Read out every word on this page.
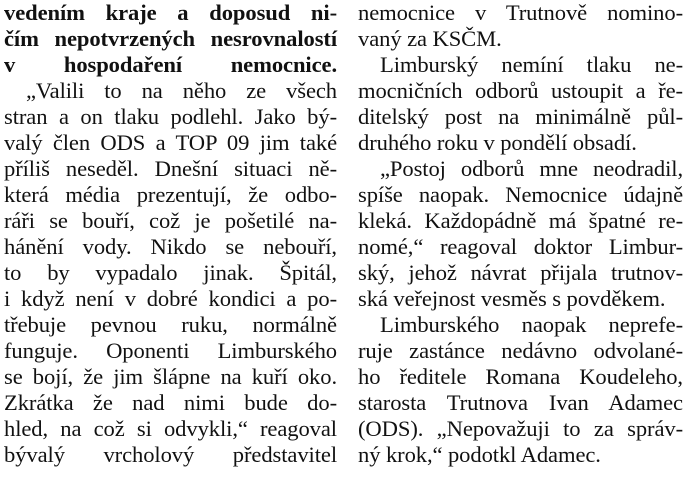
vedením kraje a doposud ni-
čím nepotvrzených nesrovnalostí
v hospodaření nemocnice.
„Valili to na něho ze všech
stran a on tlaku podlehl. Jako bý-
valý člen ODS a TOP 09 jim také
příliš neseděl. Dnešní situaci ně-
která média prezentují, že odbo-
ráři se bouří, což je pošetilé na-
hánění vody. Nikdo se nebouří,
to by vypadalo jinak. Špitál,
i když není v dobré kondici a po-
třebuje pevnou ruku, normálně
funguje. Oponenti Limburského
se bojí, že jim šlápne na kuří oko.
Zkrátka že nad nimi bude do-
hled, na což si odvykli,“ reagoval
bývalý vrcholový představitel
nemocnice v Trutnově nomino-
vaný za KSČM.
Limburský nemíní tlaku ne-
mocničních odborů ustoupit a ře-
ditelský post na minimálně půl-
druhého roku v pondělí obsadí.
„Postoj odborů mne neodradil,
spíše naopak. Nemocnice údajně
kleká. Každopádně má špatné re-
nomé,“ reagoval doktor Limbur-
ský, jehož návrat přijala trutnov-
ská veřejnost vesměs s povděkem.
Limburského naopak neprefe-
ruje zastánce nedávno odvolané-
ho ředitele Romana Koudeleho,
starosta Trutnova Ivan Adamec
(ODS). „Nepovažuji to za správ-
ný krok,“ podotkl Adamec.
